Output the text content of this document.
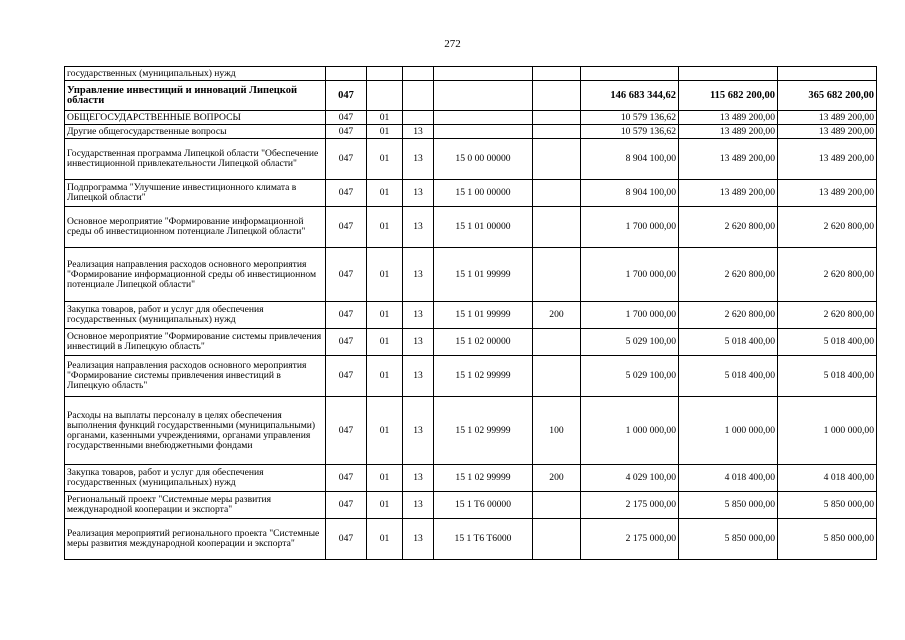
272
государственных (муниципальных) нужд								
Управление инвестиций и инноваций Липецкой области	047					146 683 344,62	115 682 200,00	365 682 200,00
ОБЩЕГОСУДАРСТВЕННЫЕ ВОПРОСЫ	047	01				10 579 136,62	13 489 200,00	13 489 200,00
Другие общегосударственные вопросы	047	01	13			10 579 136,62	13 489 200,00	13 489 200,00
Государственная программа Липецкой области "Обеспечение инвестиционной привлекательности Липецкой области"	047	01	13	15 0 00 00000		8 904 100,00	13 489 200,00	13 489 200,00
Подпрограмма "Улучшение инвестиционного климата в Липецкой области"	047	01	13	15 1 00 00000		8 904 100,00	13 489 200,00	13 489 200,00
Основное мероприятие "Формирование информационной среды об инвестиционном потенциале Липецкой области"	047	01	13	15 1 01 00000		1 700 000,00	2 620 800,00	2 620 800,00
Реализация направления расходов основного мероприятия "Формирование информационной среды об инвестиционном потенциале Липецкой области"	047	01	13	15 1 01 99999		1 700 000,00	2 620 800,00	2 620 800,00
Закупка товаров, работ и услуг для обеспечения государственных (муниципальных) нужд	047	01	13	15 1 01 99999	200	1 700 000,00	2 620 800,00	2 620 800,00
Основное мероприятие "Формирование системы привлечения инвестиций в Липецкую область"	047	01	13	15 1 02 00000		5 029 100,00	5 018 400,00	5 018 400,00
Реализация направления расходов основного мероприятия "Формирование системы привлечения инвестиций в Липецкую область"	047	01	13	15 1 02 99999		5 029 100,00	5 018 400,00	5 018 400,00
Расходы на выплаты персоналу в целях обеспечения выполнения функций государственными (муниципальными) органами, казенными учреждениями, органами управления государственными внебюджетными фондами	047	01	13	15 1 02 99999	100	1 000 000,00	1 000 000,00	1 000 000,00
Закупка товаров, работ и услуг для обеспечения государственных (муниципальных) нужд	047	01	13	15 1 02 99999	200	4 029 100,00	4 018 400,00	4 018 400,00
Региональный проект "Системные меры развития международной кооперации и экспорта"	047	01	13	15 1 T6 00000		2 175 000,00	5 850 000,00	5 850 000,00
Реализация мероприятий регионального проекта "Системные меры развития международной кооперации и экспорта"	047	01	13	15 1 T6 T6000		2 175 000,00	5 850 000,00	5 850 000,00
